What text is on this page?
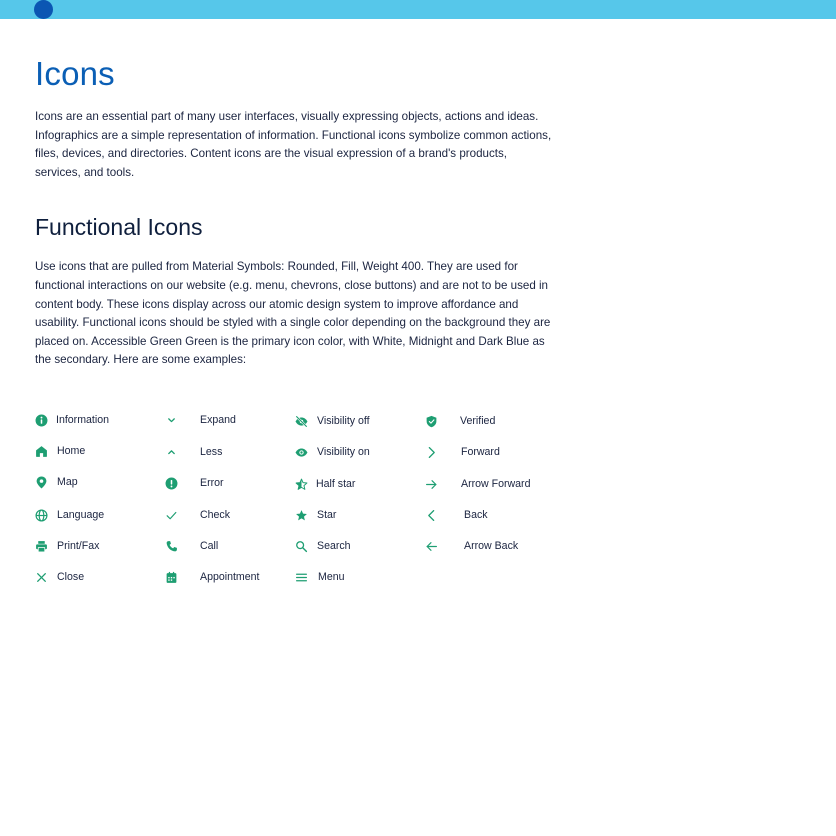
Icons

Icons are an essential part of many user interfaces, visually expressing objects, actions and ideas. Infographics are a simple representation of information. Functional icons symbolize common actions, files, devices, and directories. Content icons are the visual expression of a brand's products, services, and tools.

Functional Icons

Use icons that are pulled from Material Symbols: Rounded, Fill, Weight 400. They are used for functional interactions on our website (e.g. menu, chevrons, close buttons) and are not to be used in content body. These icons display across our atomic design system to improve affordance and usability. Functional icons should be styled with a single color depending on the background they are placed on. Accessible Green Green is the primary icon color, with White, Midnight and Dark Blue as the secondary. Here are some examples:

Information
Home
Map
Language
Print/Fax
Close
Expand
Less
Error
Check
Call
Appointment
Visibility off
Visibility on
Half star
Star
Search
Menu
Verified
Forward
Arrow Forward
Back
Arrow Back
